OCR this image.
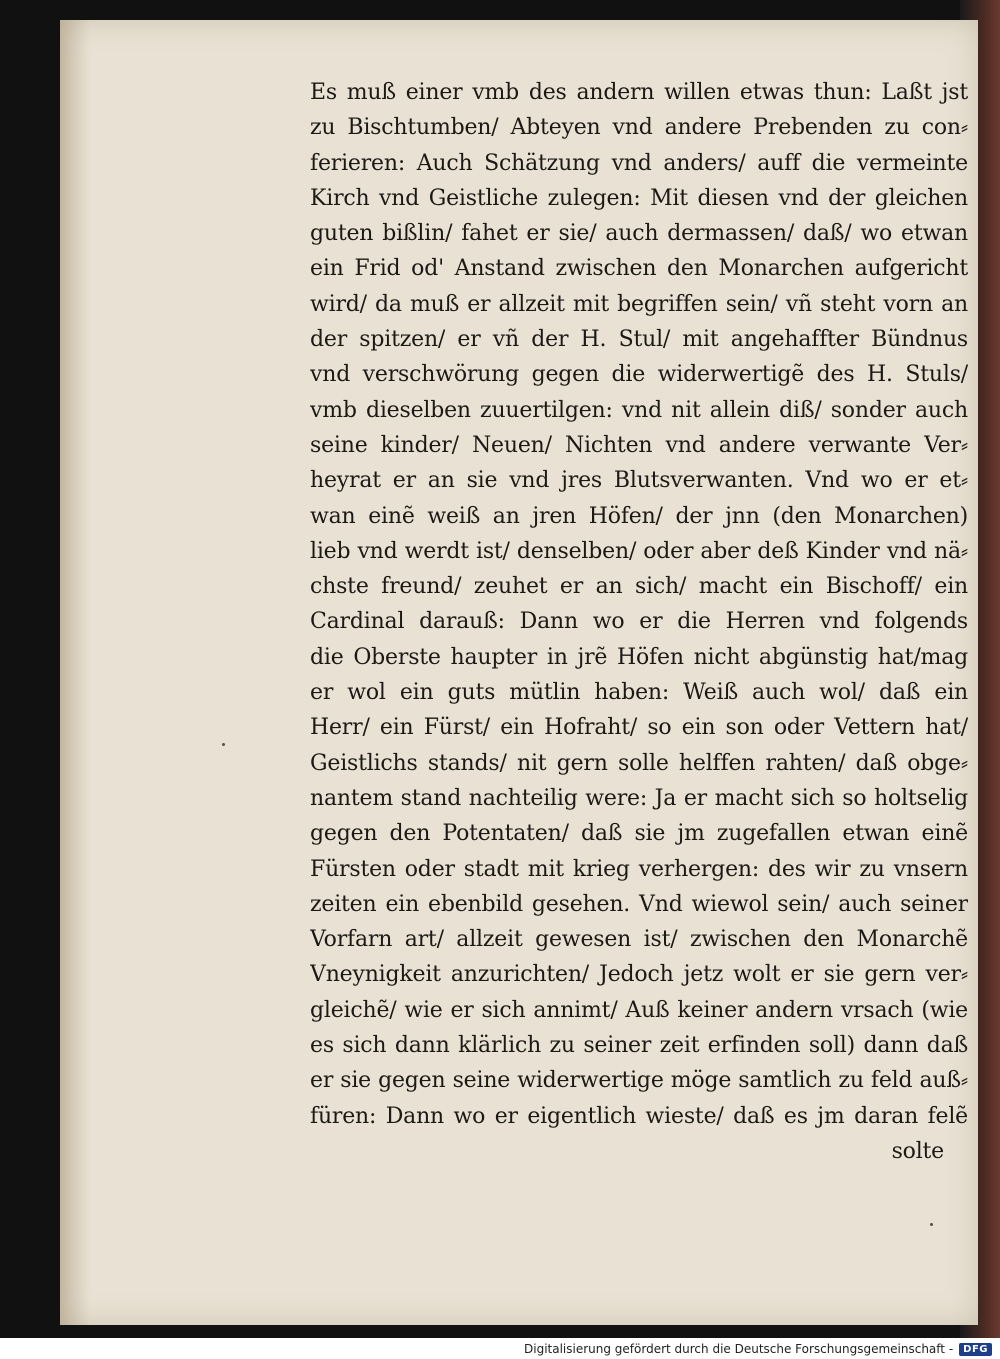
Es muß einer vmb des andern willen etwas thun: Laßt jst
zu Bischtumben/ Abteyen vnd andere Prebenden zu con⸗
ferieren: Auch Schätzung vnd anders/ auff die vermeinte
Kirch vnd Geistliche zulegen: Mit diesen vnd der gleichen
guten bißlin/ fahet er sie/ auch dermassen/ daß/ wo etwan
ein Frid od' Anstand zwischen den Monarchen aufgericht
wird/ da muß er allzeit mit begriffen sein/ vñ steht vorn an
der spitzen/ er vñ der H. Stul/ mit angehaffter Bündnus
vnd verschwörung gegen die widerwertigẽ des H. Stuls/
vmb dieselben zuuertilgen: vnd nit allein diß/ sonder auch
seine kinder/ Neuen/ Nichten vnd andere verwante Ver⸗
heyrat er an sie vnd jres Blutsverwanten. Vnd wo er et⸗
wan einẽ weiß an jren Höfen/ der jnn (den Monarchen)
lieb vnd werdt ist/ denselben/ oder aber deß Kinder vnd nä⸗
chste freund/ zeuhet er an sich/ macht ein Bischoff/ ein
Cardinal darauß: Dann wo er die Herren vnd folgends
die Oberste haupter in jrẽ Höfen nicht abgünstig hat/mag
er wol ein guts mütlin haben: Weiß auch wol/ daß ein
Herr/ ein Fürst/ ein Hofraht/ so ein son oder Vettern hat/
Geistlichs stands/ nit gern solle helffen rahten/ daß obge⸗
nantem stand nachteilig were: Ja er macht sich so holtselig
gegen den Potentaten/ daß sie jm zugefallen etwan einẽ
Fürsten oder stadt mit krieg verhergen: des wir zu vnsern
zeiten ein ebenbild gesehen. Vnd wiewol sein/ auch seiner
Vorfarn art/ allzeit gewesen ist/ zwischen den Monarchẽ
Vneynigkeit anzurichten/ Jedoch jetz wolt er sie gern ver⸗
gleichẽ/ wie er sich annimt/ Auß keiner andern vrsach (wie
es sich dann klärlich zu seiner zeit erfinden soll) dann daß
er sie gegen seine widerwertige möge samtlich zu feld auß⸗
füren: Dann wo er eigentlich wieste/ daß es jm daran felẽ
solte
Digitalisierung gefördert durch die Deutsche Forschungsgemeinschaft -	DFG
